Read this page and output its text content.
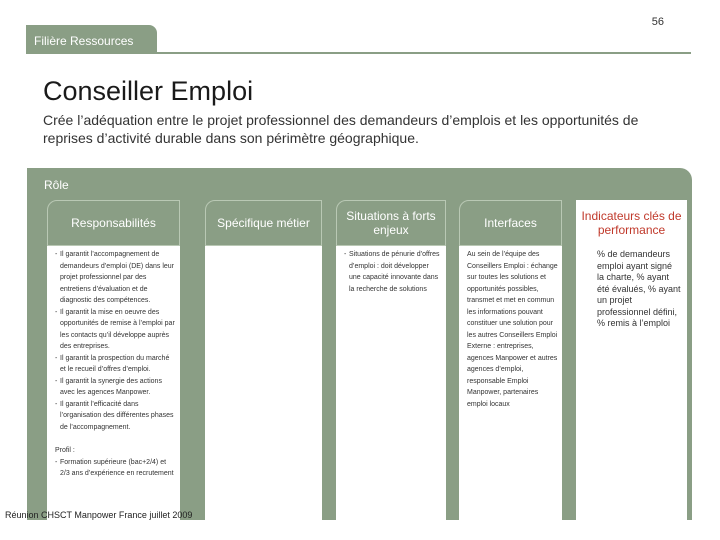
56
Filière Ressources
Conseiller Emploi
Crée l’adéquation entre le projet professionnel des demandeurs d’emplois et les opportunités de reprises d’activité durable dans son périmètre géographique.
Rôle
Responsabilités
- Il garantit l’accompagnement de demandeurs d’emploi (DE) dans leur projet professionnel par des entretiens d’évaluation et de diagnostic des compétences.
- Il garantit la mise en oeuvre des opportunités de remise à l’emploi par les contacts qu’il développe auprès des entreprises.
- Il garantit la prospection du marché et le recueil d’offres d’emploi.
- Il garantit la synergie des actions avec les agences Manpower.
- Il garantit l’efficacité dans l’organisation des différentes phases de l’accompagnement.

Profil :

- Formation supérieure (bac+2/4) et 2/3 ans d’expérience en recrutement
Spécifique métier	Situations à forts enjeux
- Situations de pénurie d’offres d’emploi : doit développer une capacité innovante dans la recherche de solutions
Interfaces
Au sein de l’équipe des Conseillers Emploi : échange sur toutes les solutions et opportunités possibles, transmet et met en commun les informations pouvant constituer une solution pour les autres Conseillers Emploi Externe : entreprises, agences Manpower et autres agences d’emploi, responsable Emploi Manpower, partenaires emploi locaux
Indicateurs clés de performance
% de demandeurs emploi ayant signé la charte, % ayant été évalués, % ayant un projet professionnel défini, % remis à l’emploi
Réunion CHSCT Manpower France juillet 2009
